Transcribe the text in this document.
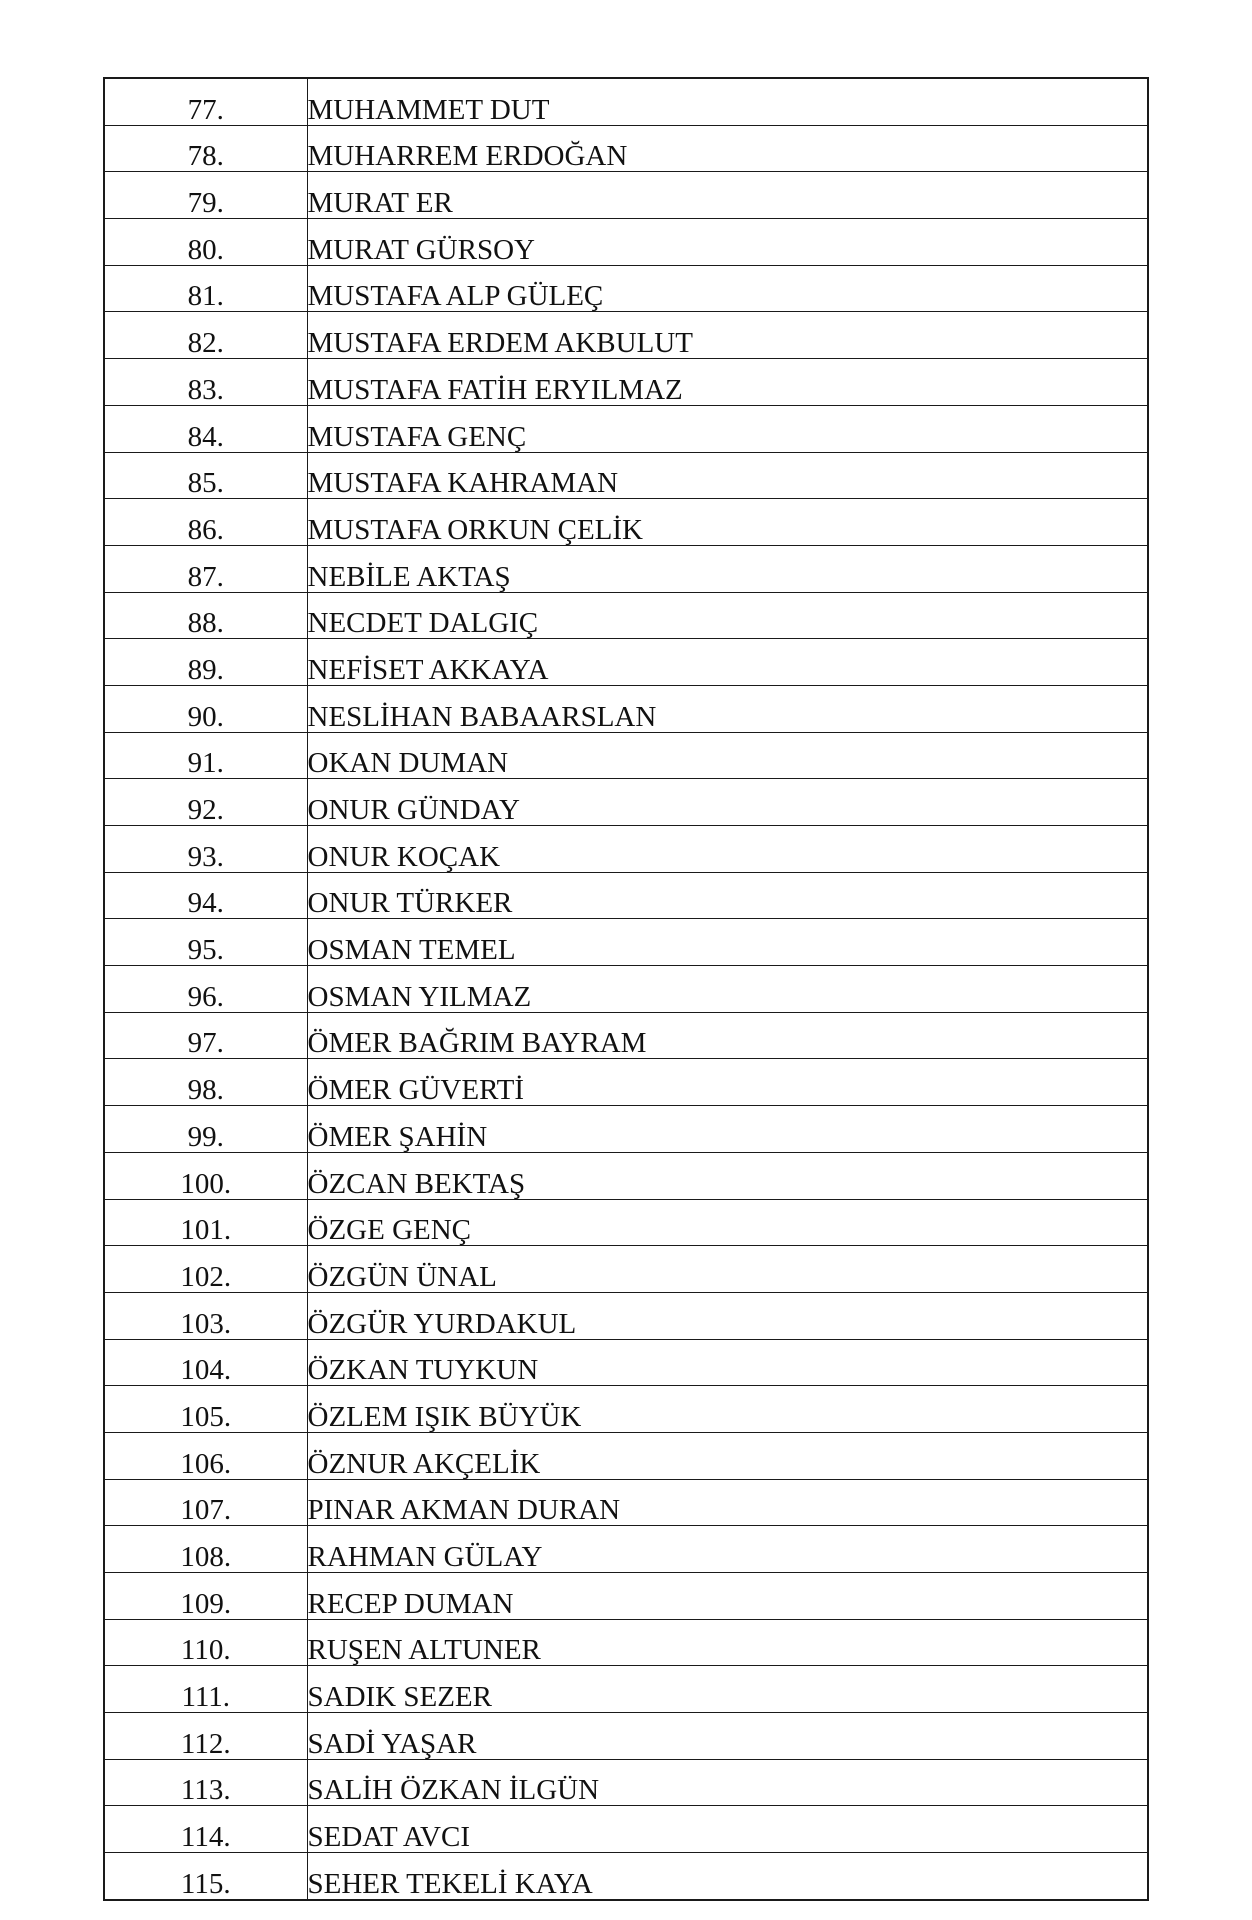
77.	MUHAMMET DUT
78.	MUHARREM ERDOĞAN
79.	MURAT ER
80.	MURAT GÜRSOY
81.	MUSTAFA ALP GÜLEÇ
82.	MUSTAFA ERDEM AKBULUT
83.	MUSTAFA FATİH ERYILMAZ
84.	MUSTAFA GENÇ
85.	MUSTAFA KAHRAMAN
86.	MUSTAFA ORKUN ÇELİK
87.	NEBİLE AKTAŞ
88.	NECDET DALGIÇ
89.	NEFİSET AKKAYA
90.	NESLİHAN BABAARSLAN
91.	OKAN DUMAN
92.	ONUR GÜNDAY
93.	ONUR KOÇAK
94.	ONUR TÜRKER
95.	OSMAN TEMEL
96.	OSMAN YILMAZ
97.	ÖMER BAĞRIM BAYRAM
98.	ÖMER GÜVERTİ
99.	ÖMER ŞAHİN
100.	ÖZCAN BEKTAŞ
101.	ÖZGE GENÇ
102.	ÖZGÜN ÜNAL
103.	ÖZGÜR YURDAKUL
104.	ÖZKAN TUYKUN
105.	ÖZLEM IŞIK BÜYÜK
106.	ÖZNUR AKÇELİK
107.	PINAR AKMAN DURAN
108.	RAHMAN GÜLAY
109.	RECEP DUMAN
110.	RUŞEN ALTUNER
111.	SADIK SEZER
112.	SADİ YAŞAR
113.	SALİH ÖZKAN İLGÜN
114.	SEDAT AVCI
115.	SEHER TEKELİ KAYA
